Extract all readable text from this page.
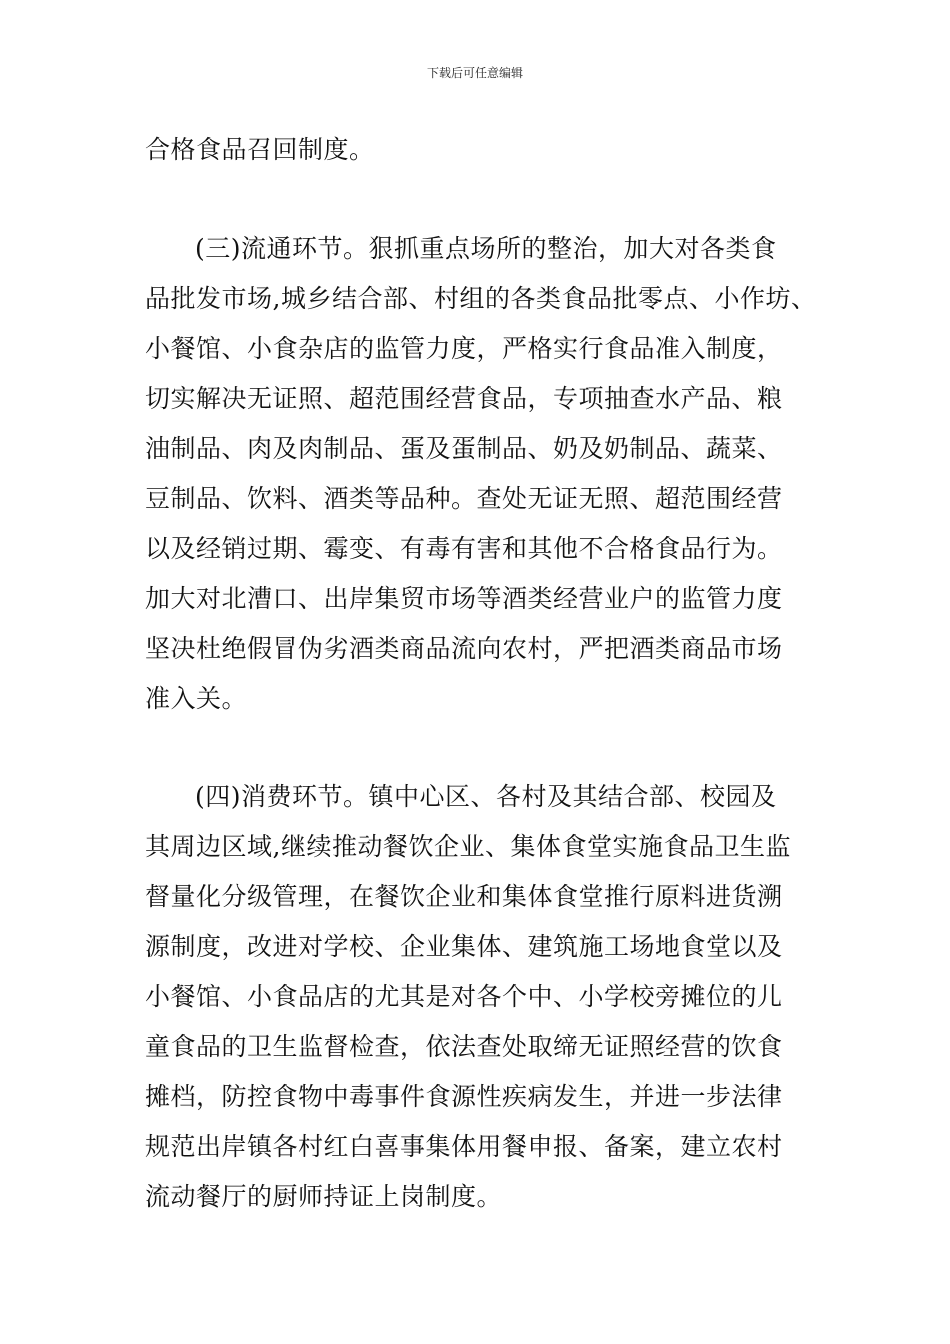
下载后可任意编辑
合格食品召回制度。
(三)流通环节。狠抓重点场所的整治，加大对各类食
品批发市场,城乡结合部、村组的各类食品批零点、小作坊、
小餐馆、小食杂店的监管力度，严格实行食品准入制度，
切实解决无证照、超范围经营食品，专项抽查水产品、粮
油制品、肉及肉制品、蛋及蛋制品、奶及奶制品、蔬菜、
豆制品、饮料、酒类等品种。查处无证无照、超范围经营
以及经销过期、霉变、有毒有害和其他不合格食品行为。
加大对北漕口、出岸集贸市场等酒类经营业户的监管力度
坚决杜绝假冒伪劣酒类商品流向农村，严把酒类商品市场
准入关。
(四)消费环节。镇中心区、各村及其结合部、校园及
其周边区域,继续推动餐饮企业、集体食堂实施食品卫生监
督量化分级管理，在餐饮企业和集体食堂推行原料进货溯
源制度，改进对学校、企业集体、建筑施工场地食堂以及
小餐馆、小食品店的尤其是对各个中、小学校旁摊位的儿
童食品的卫生监督检查，依法查处取缔无证照经营的饮食
摊档，防控食物中毒事件食源性疾病发生，并进一步法律
规范出岸镇各村红白喜事集体用餐申报、备案，建立农村
流动餐厅的厨师持证上岗制度。
